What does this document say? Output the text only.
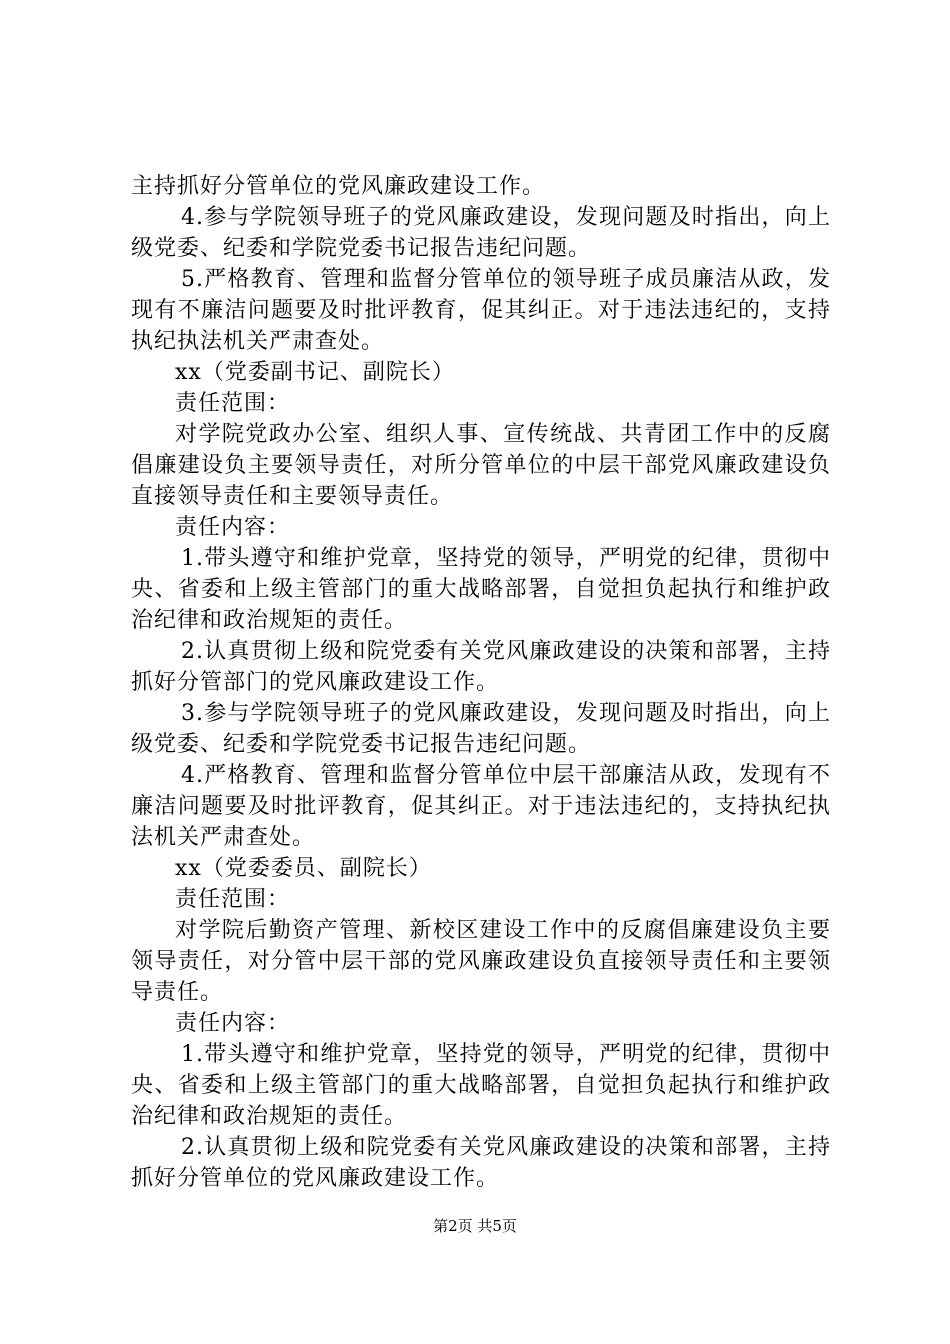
主持抓好分管单位的党风廉政建设工作。

4.参与学院领导班子的党风廉政建设，发现问题及时指出，向上级党委、纪委和学院党委书记报告违纪问题。

5.严格教育、管理和监督分管单位的领导班子成员廉洁从政，发现有不廉洁问题要及时批评教育，促其纠正。对于违法违纪的，支持执纪执法机关严肃查处。

xx（党委副书记、副院长）

责任范围：

对学院党政办公室、组织人事、宣传统战、共青团工作中的反腐倡廉建设负主要领导责任，对所分管单位的中层干部党风廉政建设负直接领导责任和主要领导责任。

责任内容：

1.带头遵守和维护党章，坚持党的领导，严明党的纪律，贯彻中央、省委和上级主管部门的重大战略部署，自觉担负起执行和维护政治纪律和政治规矩的责任。

2.认真贯彻上级和院党委有关党风廉政建设的决策和部署，主持抓好分管部门的党风廉政建设工作。

3.参与学院领导班子的党风廉政建设，发现问题及时指出，向上级党委、纪委和学院党委书记报告违纪问题。

4.严格教育、管理和监督分管单位中层干部廉洁从政，发现有不廉洁问题要及时批评教育，促其纠正。对于违法违纪的，支持执纪执法机关严肃查处。

xx（党委委员、副院长）

责任范围：

对学院后勤资产管理、新校区建设工作中的反腐倡廉建设负主要领导责任，对分管中层干部的党风廉政建设负直接领导责任和主要领导责任。

责任内容：

1.带头遵守和维护党章，坚持党的领导，严明党的纪律，贯彻中央、省委和上级主管部门的重大战略部署，自觉担负起执行和维护政治纪律和政治规矩的责任。

2.认真贯彻上级和院党委有关党风廉政建设的决策和部署，主持抓好分管单位的党风廉政建设工作。

第2页 共5页
